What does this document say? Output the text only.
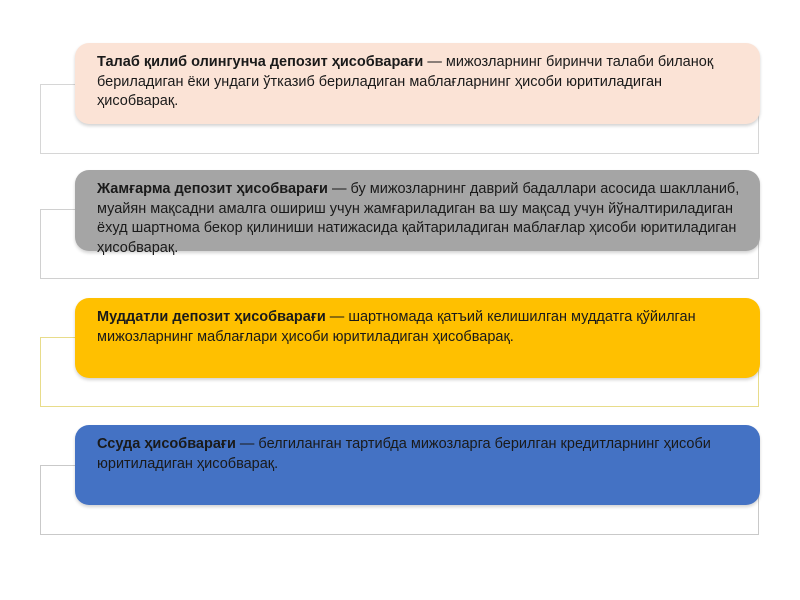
Талаб қилиб олингунча депозит ҳисобварағи — мижозларнинг биринчи талаби биланоқ бериладиган ёки ундаги ўтказиб бериладиган маблағларнинг ҳисоби юритиладиган ҳисобварақ.
Жамғарма депозит ҳисобварағи — бу мижозларнинг даврий бадаллари асосида шаклланиб, муайян мақсадни амалга ошириш учун жамғариладиган ва шу мақсад учун йўналтириладиган ёхуд шартнома бекор қилиниши натижасида қайтариладиган маблағлар ҳисоби юритиладиган ҳисобварақ.
Муддатли депозит ҳисобварағи — шартномада қатъий келишилган муддатга қўйилган мижозларнинг маблағлари ҳисоби юритиладиган ҳисобварақ.
Ссуда ҳисобварағи — белгиланган тартибда мижозларга берилган кредитларнинг ҳисоби юритиладиган ҳисобварақ.
